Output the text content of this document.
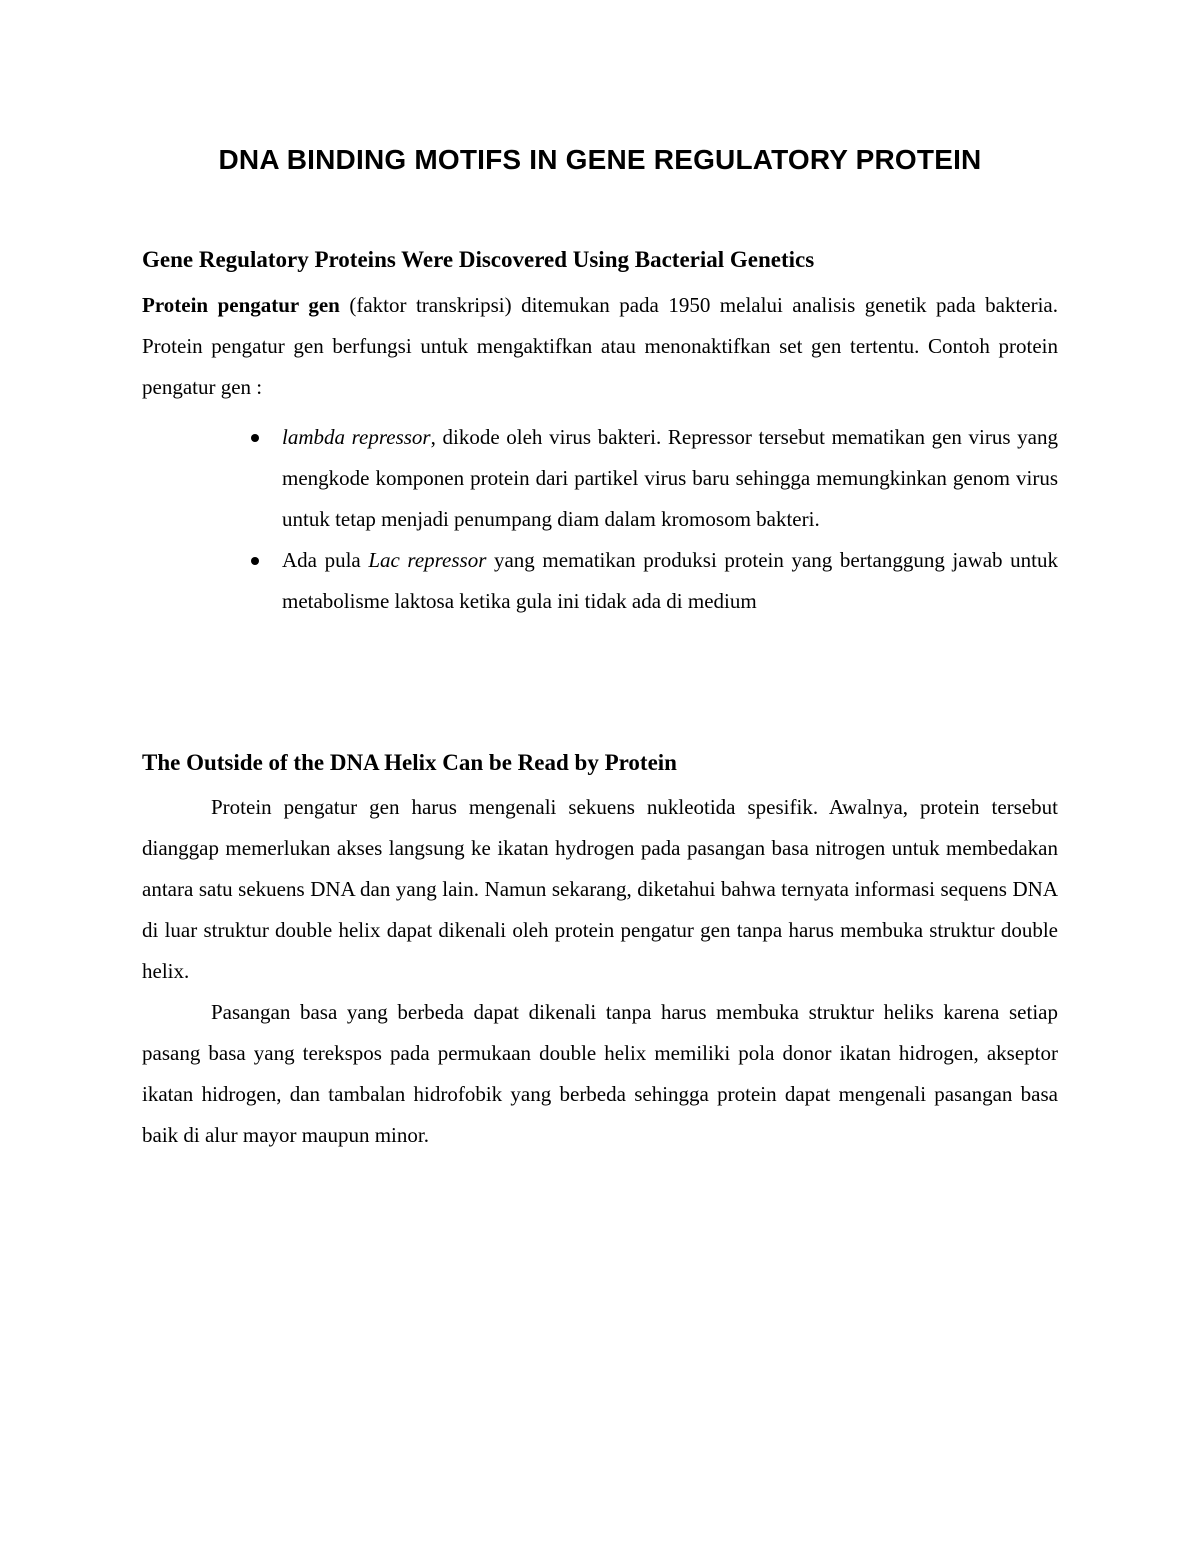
DNA BINDING MOTIFS IN GENE REGULATORY PROTEIN
Gene Regulatory Proteins Were Discovered Using Bacterial Genetics

Protein pengatur gen (faktor transkripsi) ditemukan pada 1950 melalui analisis genetik pada bakteria. Protein pengatur gen berfungsi untuk mengaktifkan atau menonaktifkan set gen tertentu. Contoh protein pengatur gen :

lambda repressor, dikode oleh virus bakteri. Repressor tersebut mematikan gen virus yang mengkode komponen protein dari partikel virus baru sehingga memungkinkan genom virus untuk tetap menjadi penumpang diam dalam kromosom bakteri.
Ada pula Lac repressor yang mematikan produksi protein yang bertanggung jawab untuk metabolisme laktosa ketika gula ini tidak ada di medium
The Outside of the DNA Helix Can be Read by Protein

Protein pengatur gen harus mengenali sekuens nukleotida spesifik. Awalnya, protein tersebut dianggap memerlukan akses langsung ke ikatan hydrogen pada pasangan basa nitrogen untuk membedakan antara satu sekuens DNA dan yang lain. Namun sekarang, diketahui bahwa ternyata informasi sequens DNA di luar struktur double helix dapat dikenali oleh protein pengatur gen tanpa harus membuka struktur double helix.

Pasangan basa yang berbeda dapat dikenali tanpa harus membuka struktur heliks karena setiap pasang basa yang terekspos pada permukaan double helix memiliki pola donor ikatan hidrogen, akseptor ikatan hidrogen, dan tambalan hidrofobik yang berbeda sehingga protein dapat mengenali pasangan basa baik di alur mayor maupun minor.
